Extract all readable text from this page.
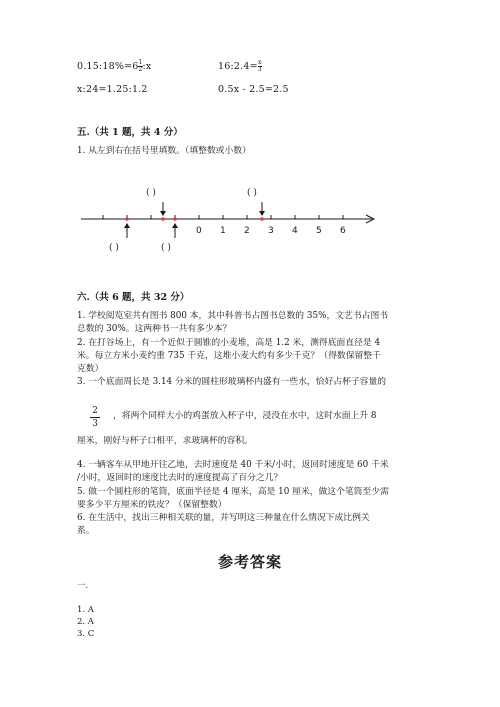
0.15:18%=6 $\frac{1}{2}$ :x	16:2.4= $\frac{x}{3}$
x:24=1.25:1.2	0.5x - 2.5=2.5
五.（共 1 题，共 4 分）
1. 从左到右在括号里填数。（填整数或小数）
( )	( )
( )	( )
0 1 2 3 4 5 6
六.（共 6 题，共 32 分）
1. 学校阅览室共有图书 800 本，其中科普书占图书总数的 35%，文艺书占图书
总数的 30%。这两种书一共有多少本？
2. 在打谷场上，有一个近似于圆锥的小麦堆，高是 1.2 米，测得底面直径是 4
米。每立方米小麦约重 735 千克，这堆小麦大约有多少千克？（得数保留整千
克数）
3. 一个底面周长是 3.14 分米的圆柱形玻璃杯内盛有一些水，恰好占杯子容量的
$\frac{2}{3}$ ，将两个同样大小的鸡蛋放入杯子中，浸没在水中，这时水面上升 8
厘米，刚好与杯子口相平，求玻璃杯的容积。
4. 一辆客车从甲地开往乙地，去时速度是 40 千米/小时，返回时速度是 60 千米
/小时，返回时的速度比去时的速度提高了百分之几？
5. 做一个圆柱形的笔筒，底面半径是 4 厘米，高是 10 厘米，做这个笔筒至少需
要多少平方厘米的铁皮？（保留整数）
6. 在生活中，找出三种相关联的量，并写明这三种量在什么情况下成比例关
系。
参考答案
一.
1. A
2. A
3. C
